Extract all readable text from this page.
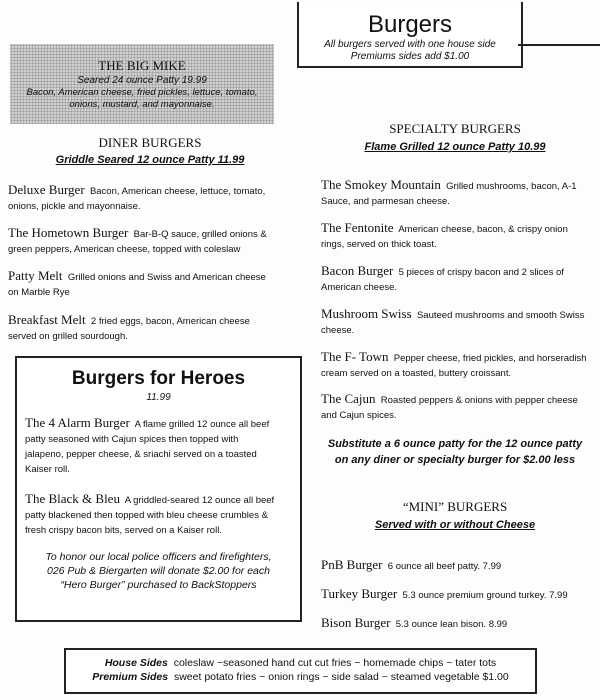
Burgers
All burgers served with one house side
Premiums sides add $1.00
THE BIG MIKE
Seared 24 ounce Patty 19.99
Bacon, American cheese, fried pickles, lettuce, tomato, onions, mustard, and mayonnaise.
DINER BURGERS
Griddle Seared 12 ounce Patty 11.99
Deluxe Burger Bacon, American cheese, lettuce, tomato,
onions, pickle and mayonnaise.
The Hometown Burger Bar-B-Q sauce, grilled onions &
green peppers, American cheese, topped with coleslaw
Patty Melt Grilled onions and Swiss and American cheese
on Marble Rye
Breakfast Melt 2 fried eggs, bacon, American cheese
served on grilled sourdough.
Burgers for Heroes
11.99
The 4 Alarm Burger A flame grilled 12 ounce all beef
patty seasoned with Cajun spices then topped with
jalapeno, pepper cheese, & sriachi served on a toasted
Kaiser roll.
The Black & Bleu A griddled-seared 12 ounce all beef
patty blackened then topped with bleu cheese crumbles &
fresh crispy bacon bits, served on a Kaiser roll.
To honor our local police officers and firefighters,
026 Pub & Biergarten will donate $2.00 for each
“Hero Burger” purchased to BackStoppers
SPECIALTY BURGERS
Flame Grilled 12 ounce Patty 10.99
The Smokey Mountain Grilled mushrooms, bacon, A-1
Sauce, and parmesan cheese.
The Fentonite American cheese, bacon, & crispy onion
rings, served on thick toast.
Bacon Burger 5 pieces of crispy bacon and 2 slices of
American cheese.
Mushroom Swiss Sauteed mushrooms and smooth Swiss
cheese.
The F- Town Pepper cheese, fried pickles, and horseradish
cream served on a toasted, buttery croissant.
The Cajun Roasted peppers & onions with pepper cheese
and Cajun spices.
Substitute a 6 ounce patty for the 12 ounce patty
on any diner or specialty burger for $2.00 less
“MINI” BURGERS
Served with or without Cheese
PnB Burger 6 ounce all beef patty. 7.99
Turkey Burger 5.3 ounce premium ground turkey. 7.99
Bison Burger 5.3 ounce lean bison. 8.99
House Sides coleslaw ~seasoned hand cut cut fries ~ homemade chips ~ tater tots
Premium Sides sweet potato fries ~ onion rings ~ side salad ~ steamed vegetable $1.00
